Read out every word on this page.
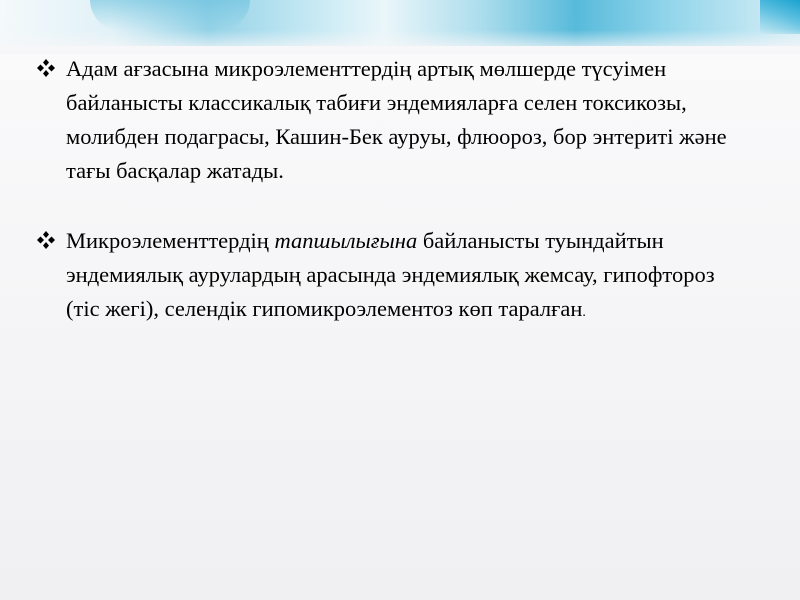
Адам ағзасына микроэлементтердің артық мөлшерде түсуімен байланысты классикалық табиғи эндемияларға селен токсикозы, молибден подаграсы, Кашин-Бек ауруы, флюороз, бор энтериті және тағы басқалар жатады.
Микроэлементтердің тапшылығына байланысты туындайтын эндемиялық аурулардың арасында эндемиялық жемсау, гипофтороз (тіс жегі), селендік гипомикроэлементоз көп таралған.
